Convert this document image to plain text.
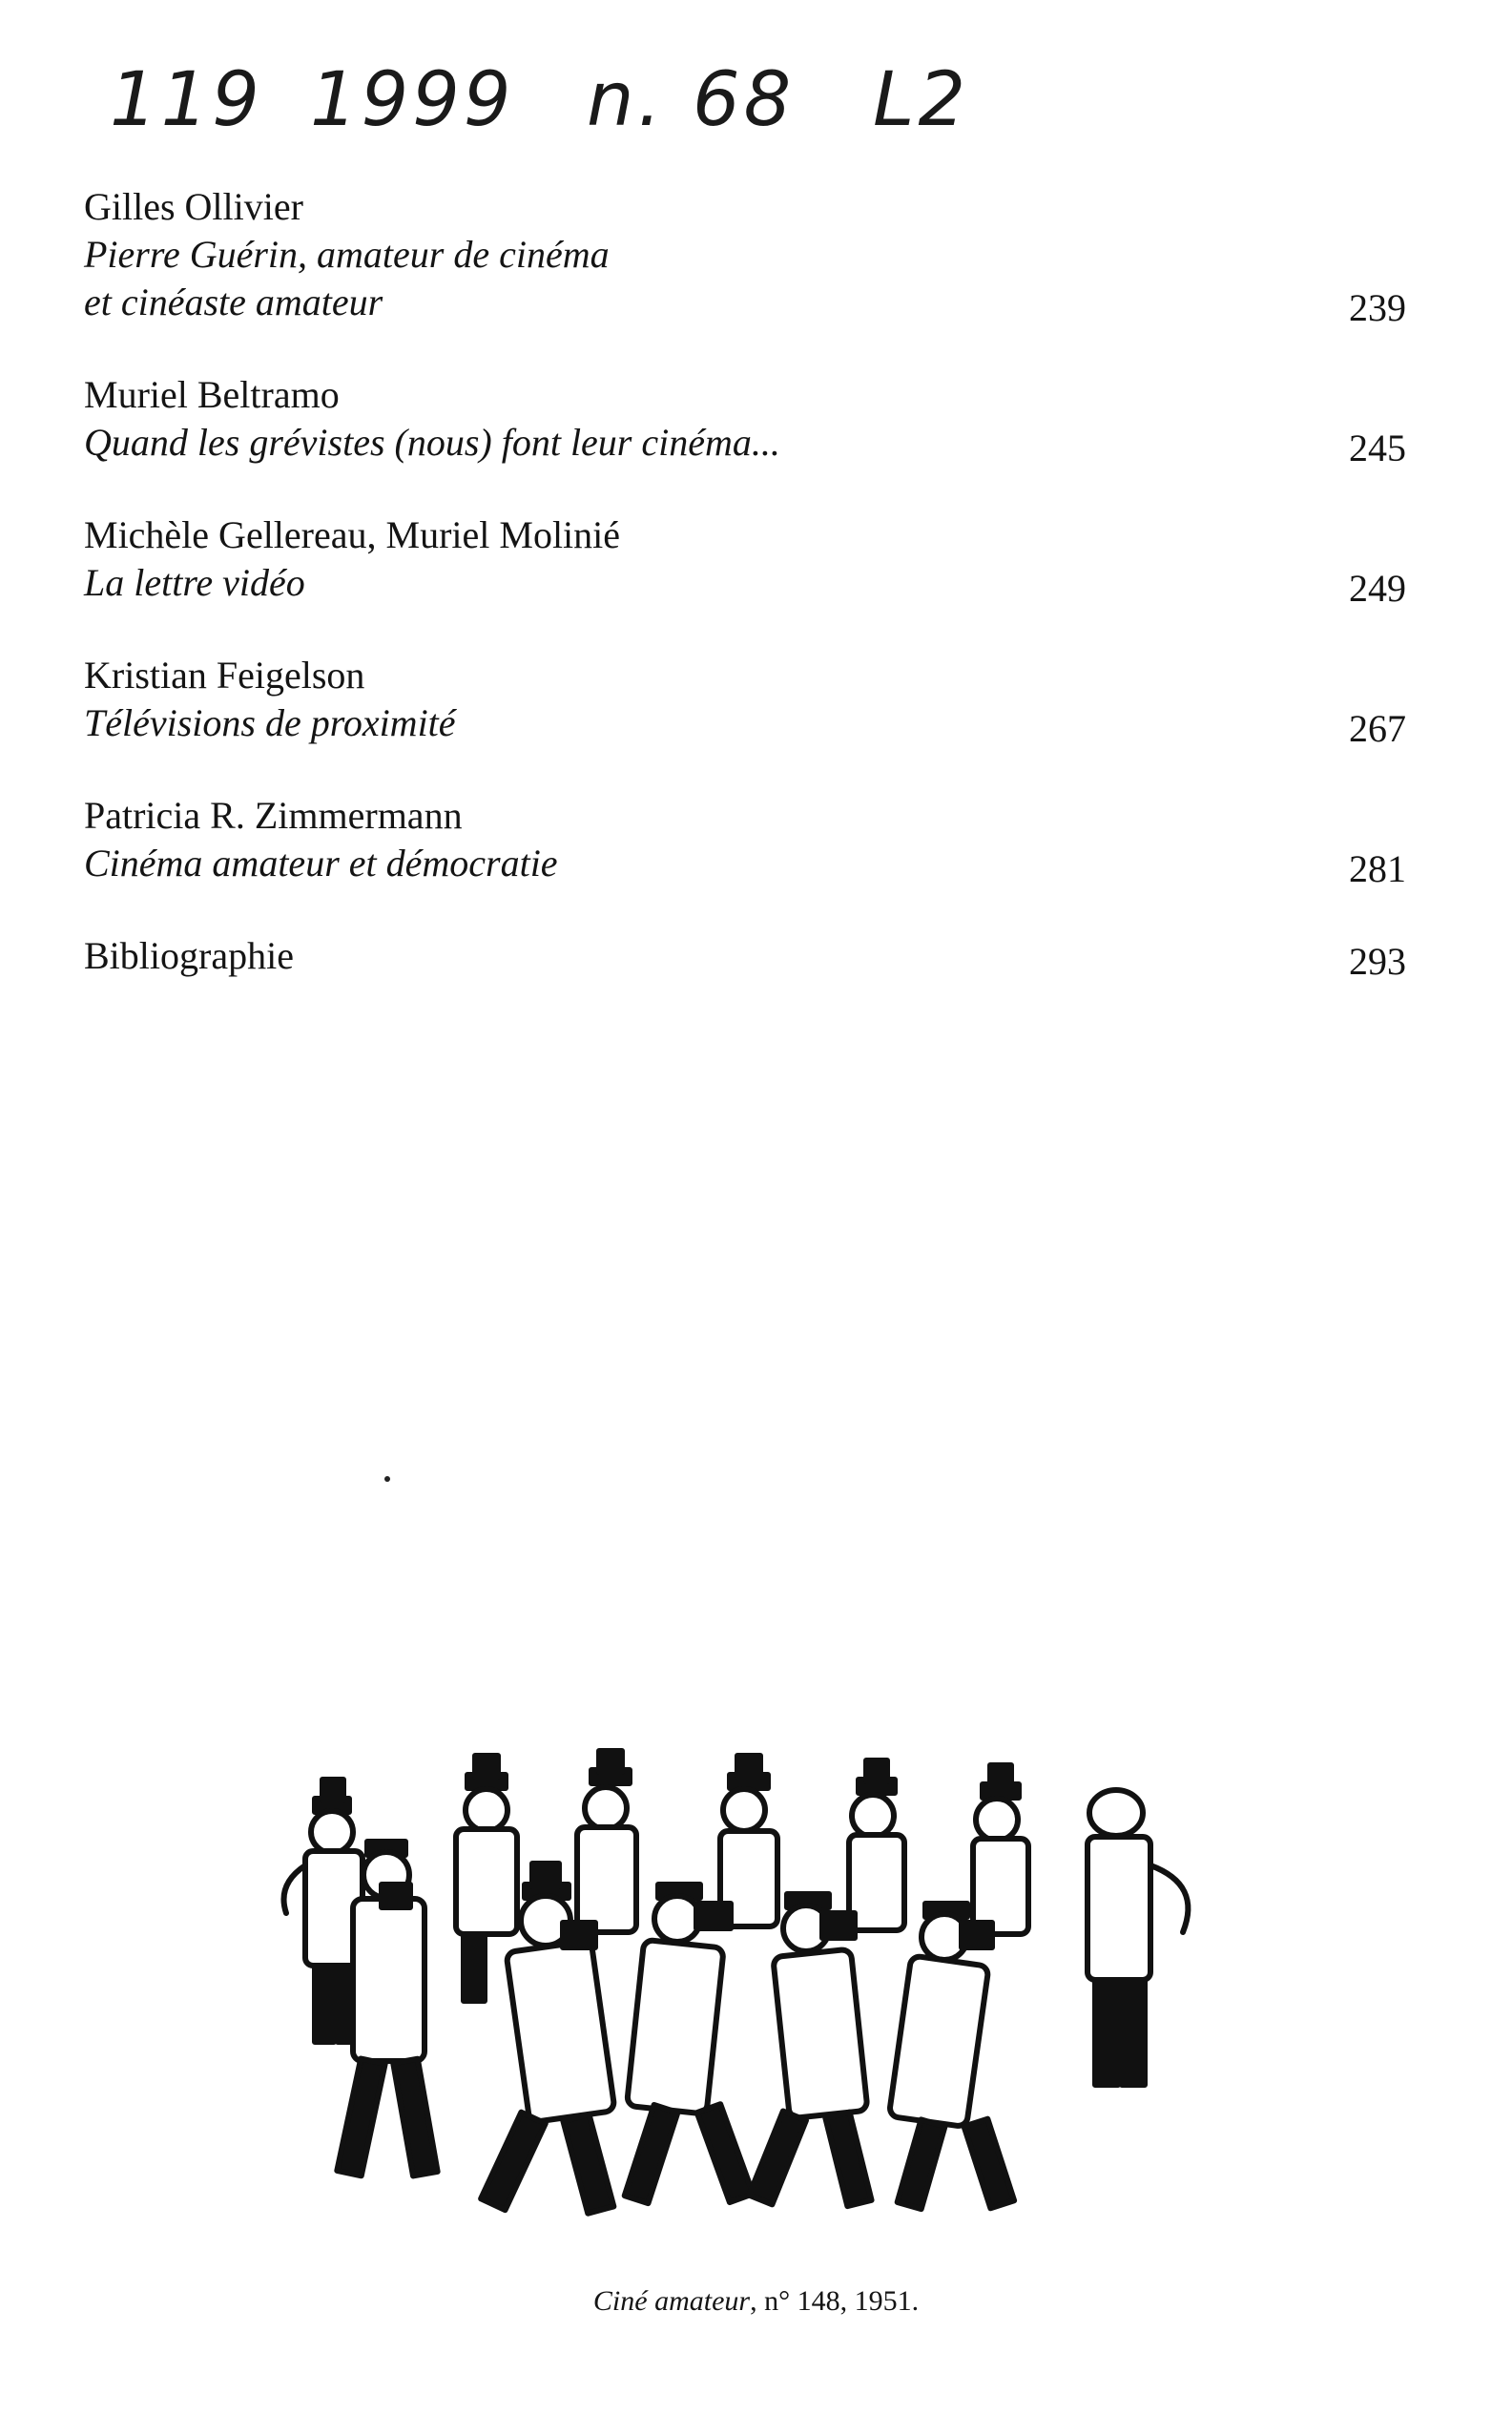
119 1999 n. 68 L2
Gilles Ollivier
Pierre Guérin, amateur de cinéma
et cinéaste amateur	239
Muriel Beltramo
Quand les grévistes (nous) font leur cinéma...	245
Michèle Gellereau, Muriel Molinié
La lettre vidéo	249
Kristian Feigelson
Télévisions de proximité	267
Patricia R. Zimmermann
Cinéma amateur et démocratie	281
Bibliographie	293
Ciné amateur, n° 148, 1951.
